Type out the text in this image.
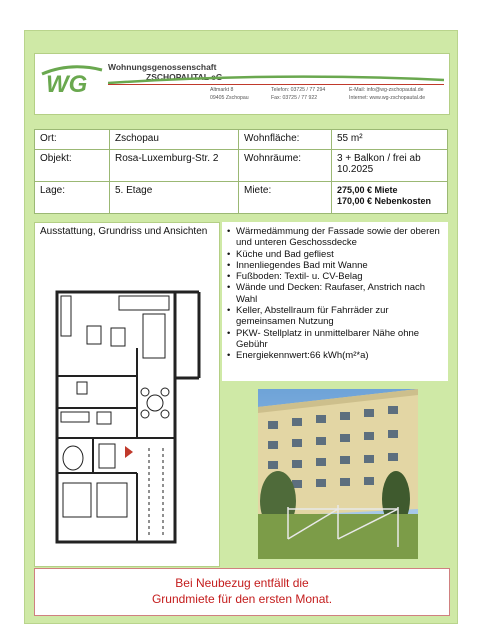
WG
Wohnungsgenossenschaft
ZSCHOPAUTAL eG
Altmarkt 8
09405 Zschopau
Telefon: 03725 / 77 294
Fax: 03725 / 77 922
E-Mail: info@wg-zschopautal.de
Internet: www.wg-zschopautal.de
Ort:	Zschopau	Wohnfläche:	55 m²
Objekt:	Rosa-Luxemburg-Str. 2	Wohnräume:	3 + Balkon / frei ab 10.2025
Lage:	5. Etage	Miete:	275,00 € Miete
170,00 € Nebenkosten
Ausstattung, Grundriss und Ansichten	• Wärmedämmung der Fassade sowie der oberen und unteren Geschossdecke
• Küche und Bad gefliest
• Innenliegendes Bad mit Wanne
• Fußboden: Textil- u. CV-Belag
• Wände und Decken: Raufaser, Anstrich nach Wahl
• Keller, Abstellraum für Fahrräder zur gemeinsamen Nutzung
• PKW- Stellplatz in unmittelbarer Nähe ohne Gebühr
• Energiekennwert:66 kWh(m²*a)
Bei Neubezug entfällt die
Grundmiete für den ersten Monat.
